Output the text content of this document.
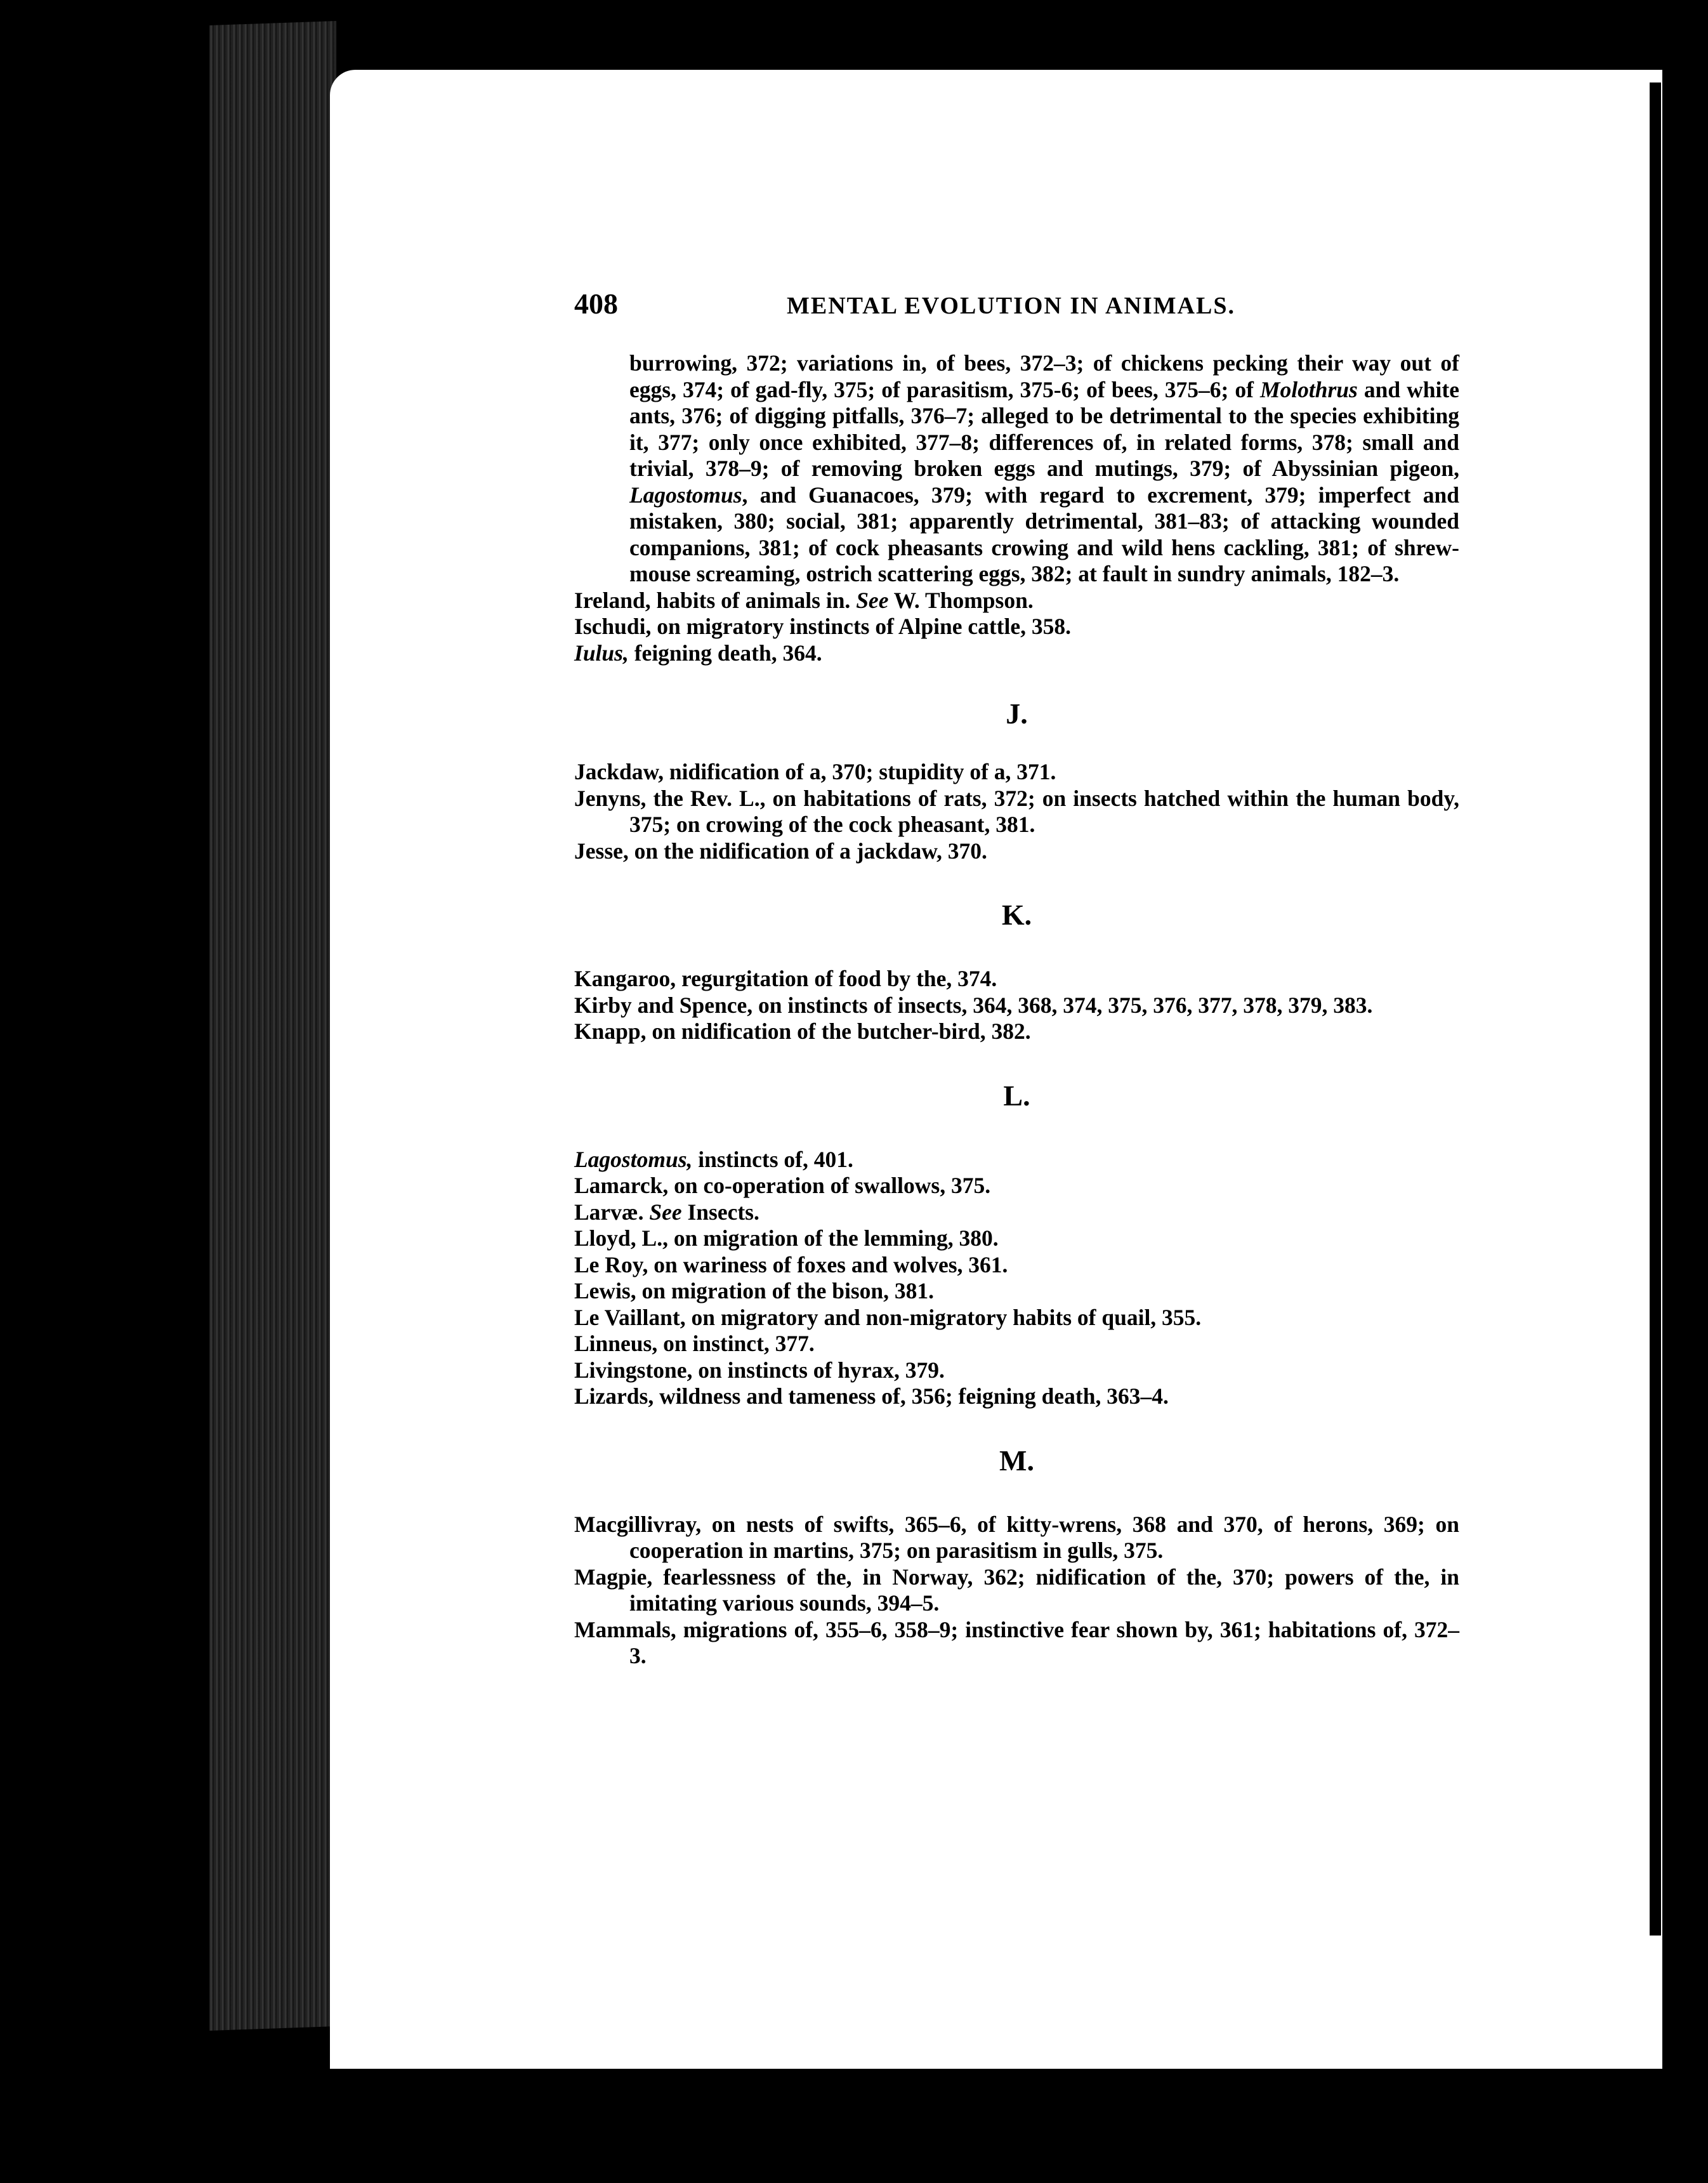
408	MENTAL EVOLUTION IN ANIMALS.
burrowing, 372; variations in, of bees, 372–3; of chickens pecking their way out of eggs, 374; of gad-fly, 375; of parasitism, 375-6; of bees, 375–6; of Molothrus and white ants, 376; of digging pitfalls, 376–7; alleged to be detrimental to the species exhibiting it, 377; only once exhibited, 377–8; differences of, in related forms, 378; small and trivial, 378–9; of removing broken eggs and mutings, 379; of Abyssinian pigeon, Lagostomus, and Guanacoes, 379; with regard to excrement, 379; imperfect and mistaken, 380; social, 381; apparently detrimental, 381–83; of attacking wounded companions, 381; of cock pheasants crowing and wild hens cackling, 381; of shrew-mouse screaming, ostrich scattering eggs, 382; at fault in sundry animals, 182–3.
Ireland, habits of animals in. See W. Thompson.
Ischudi, on migratory instincts of Alpine cattle, 358.
Iulus, feigning death, 364.
J.
Jackdaw, nidification of a, 370; stupidity of a, 371.
Jenyns, the Rev. L., on habitations of rats, 372; on insects hatched within the human body, 375; on crowing of the cock pheasant, 381.
Jesse, on the nidification of a jackdaw, 370.
K.
Kangaroo, regurgitation of food by the, 374.
Kirby and Spence, on instincts of insects, 364, 368, 374, 375, 376, 377, 378, 379, 383.
Knapp, on nidification of the butcher-bird, 382.
L.
Lagostomus, instincts of, 401.
Lamarck, on co-operation of swallows, 375.
Larvæ. See Insects.
Lloyd, L., on migration of the lemming, 380.
Le Roy, on wariness of foxes and wolves, 361.
Lewis, on migration of the bison, 381.
Le Vaillant, on migratory and non-migratory habits of quail, 355.
Linneus, on instinct, 377.
Livingstone, on instincts of hyrax, 379.
Lizards, wildness and tameness of, 356; feigning death, 363–4.
M.
Macgillivray, on nests of swifts, 365–6, of kitty-wrens, 368 and 370, of herons, 369; on cooperation in martins, 375; on parasitism in gulls, 375.
Magpie, fearlessness of the, in Norway, 362; nidification of the, 370; powers of the, in imitating various sounds, 394–5.
Mammals, migrations of, 355–6, 358–9; instinctive fear shown by, 361; habitations of, 372–3.
